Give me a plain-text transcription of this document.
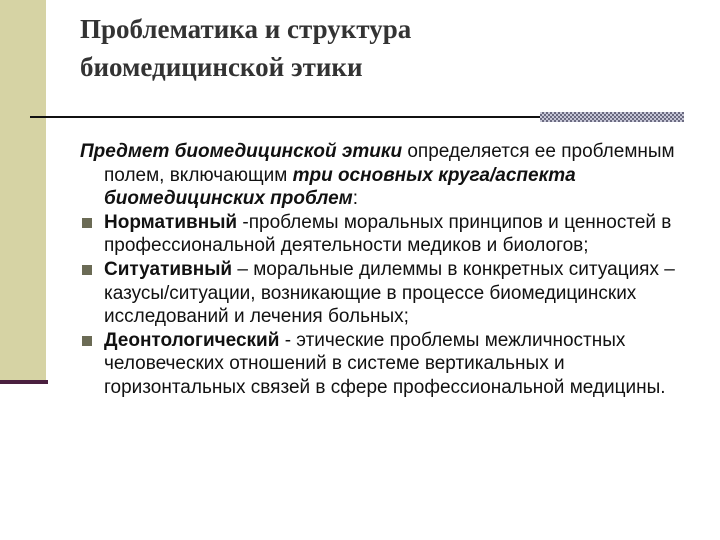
Проблематика и структура
биомедицинской этики

Предмет биомедицинской этики определяется ее проблемным полем, включающим три основных круга/аспекта биомедицинских проблем:

Нормативный -проблемы моральных принципов и ценностей в профессиональной деятельности медиков и биологов;

Ситуативный – моральные дилеммы в конкретных ситуациях – казусы/ситуации, возникающие в процессе биомедицинских исследований и лечения больных;

Деонтологический - этические проблемы межличностных человеческих отношений в системе вертикальных и горизонтальных связей в сфере профессиональной медицины.
